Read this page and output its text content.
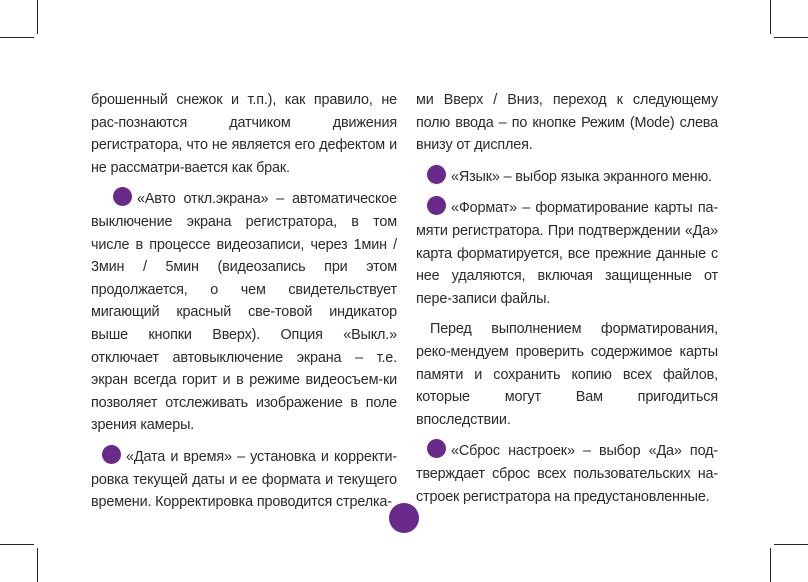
брошенный снежок и т.п.), как правило, не рас-познаются датчиком движения регистратора, что не является его дефектом и не рассматри-вается как брак.

«Авто откл.экрана» – автоматическое выключение экрана регистратора, в том числе в процессе видеозаписи, через 1мин / 3мин / 5мин (видеозапись при этом продолжается, о чем свидетельствует мигающий красный све-товой индикатор выше кнопки Вверх). Опция «Выкл.» отключает автовыключение экрана – т.е. экран всегда горит и в режиме видеосъем-ки позволяет отслеживать изображение в поле зрения камеры.

«Дата и время» – установка и корректи-ровка текущей даты и ее формата и текущего времени. Корректировка проводится стрелка-

ми Вверх / Вниз, переход к следующему полю ввода – по кнопке Режим (Mode) слева внизу от дисплея.

«Язык» – выбор языка экранного меню.

«Формат» – форматирование карты па-мяти регистратора. При подтверждении «Да» карта форматируется, все прежние данные с нее удаляются, включая защищенные от пере-записи файлы.

Перед выполнением форматирования, реко-мендуем проверить содержимое карты памяти и сохранить копию всех файлов, которые могут Вам пригодиться впоследствии.

«Сброс настроек» – выбор «Да» под-тверждает сброс всех пользовательских на-строек регистратора на предустановленные.
